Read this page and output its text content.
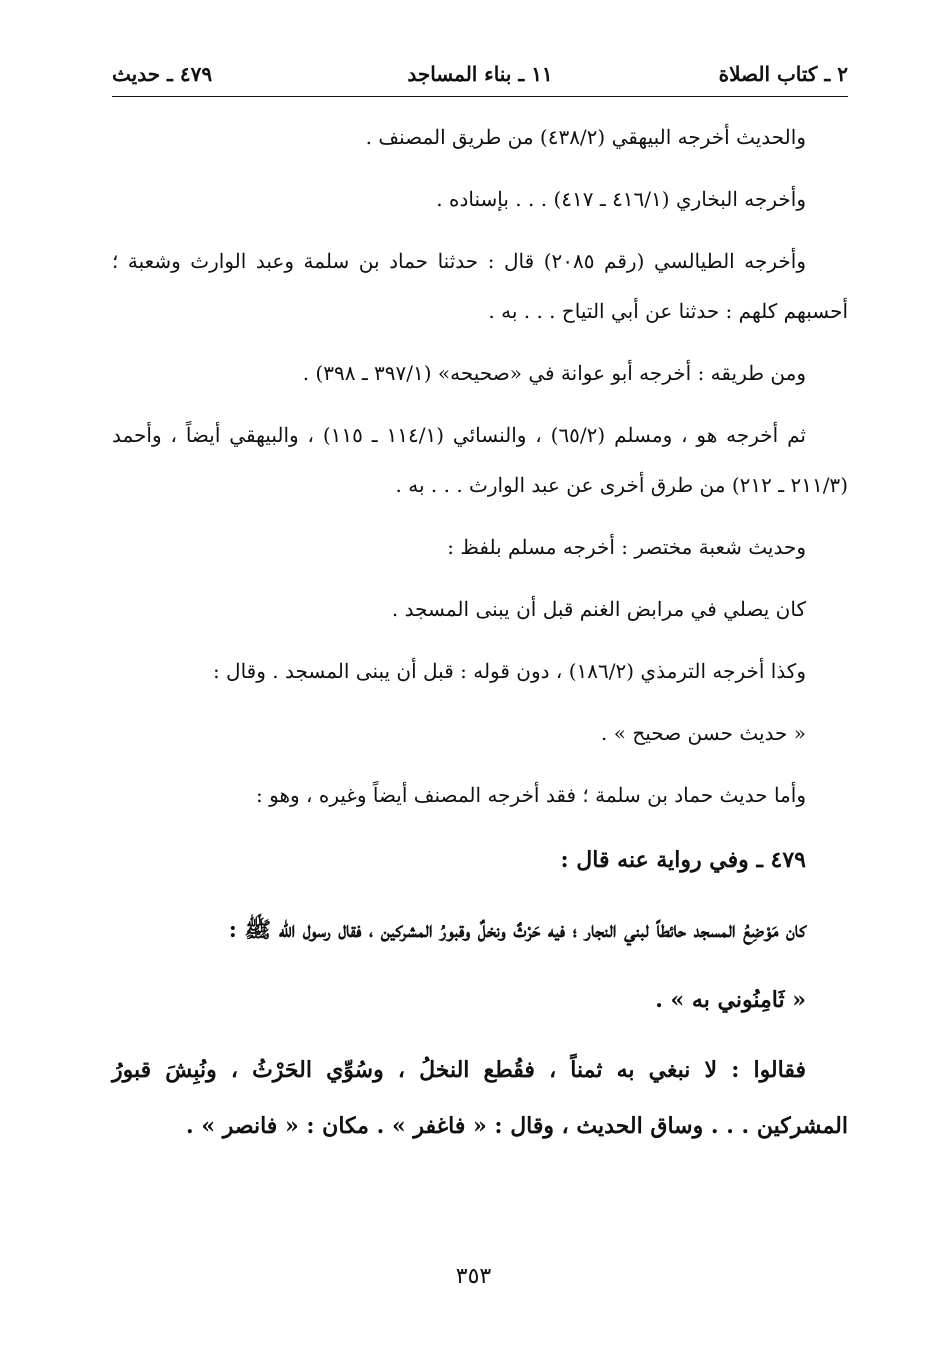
٢ ـ كتاب الصلاة
١١ ـ بناء المساجد
٤٧٩ ـ حديث

والحديث أخرجه البيهقي (٤٣٨/٢) من طريق المصنف .

وأخرجه البخاري (٤١٦/١ ـ ٤١٧) . . . بإسناده .

وأخرجه الطيالسي (رقم ٢٠٨٥) قال : حدثنا حماد بن سلمة وعبد الوارث وشعبة ؛ أحسبهم كلهم : حدثنا عن أبي التياح . . . به .

ومن طريقه : أخرجه أبو عوانة في «صحيحه» (٣٩٧/١ ـ ٣٩٨) .

ثم أخرجه هو ، ومسلم (٦٥/٢) ، والنسائي (١١٤/١ ـ ١١٥) ، والبيهقي أيضاً ، وأحمد (٢١١/٣ ـ ٢١٢) من طرق أخرى عن عبد الوارث . . . به .

وحديث شعبة مختصر : أخرجه مسلم بلفظ :

كان يصلي في مرابض الغنم قبل أن يبنى المسجد .

وكذا أخرجه الترمذي (١٨٦/٢) ، دون قوله : قبل أن يبنى المسجد . وقال :

« حديث حسن صحيح » .

وأما حديث حماد بن سلمة ؛ فقد أخرجه المصنف أيضاً وغيره ، وهو :

٤٧٩ ـ وفي رواية عنه قال :

كان مَوْضِعُ المسجد حائطاً لبني النجار ؛ فيه حَرْثٌ ونخلٌ وقبورُ المشركين ، فقال رسول الله ﷺ :

« ثَامِنُوني به » .

فقالوا : لا نبغي به ثمناً ، فقُطع النخلُ ، وسُوِّي الحَرْثُ ، ونُبِشَ قبورُ المشركين . . . وساق الحديث ، وقال : « فاغفر » . مكان : « فانصر » .

٣٥٣
